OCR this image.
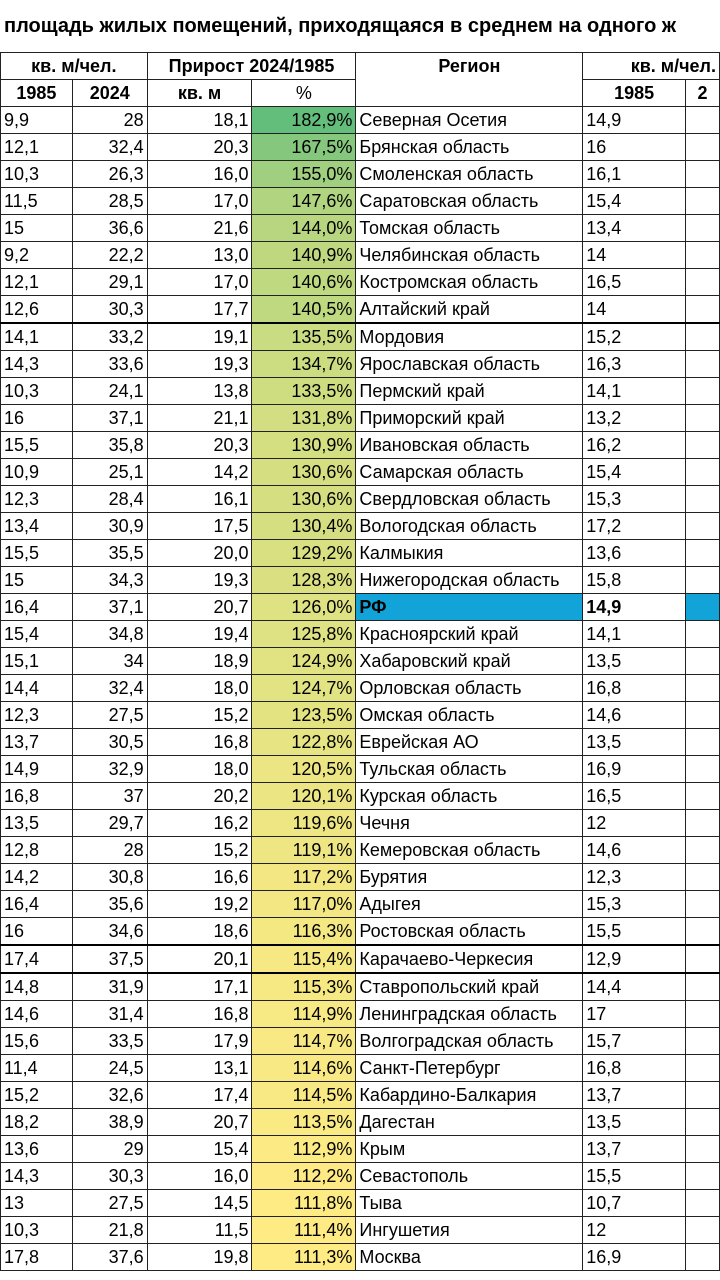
площадь жилых помещений, приходящаяся в среднем на одного ж
кв. м/чел.		Прирост 2024/1985		Регион	кв. м/чел.	
1985	2024	кв. м	%		1985	2
9,9	28	18,1	182,9%	Северная Осетия	14,9	
12,1	32,4	20,3	167,5%	Брянская область	16	
10,3	26,3	16,0	155,0%	Смоленская область	16,1	
11,5	28,5	17,0	147,6%	Саратовская область	15,4	
15	36,6	21,6	144,0%	Томская область	13,4	
9,2	22,2	13,0	140,9%	Челябинская область	14	
12,1	29,1	17,0	140,6%	Костромская область	16,5	
12,6	30,3	17,7	140,5%	Алтайский край	14	
14,1	33,2	19,1	135,5%	Мордовия	15,2	
14,3	33,6	19,3	134,7%	Ярославская область	16,3	
10,3	24,1	13,8	133,5%	Пермский край	14,1	
16	37,1	21,1	131,8%	Приморский край	13,2	
15,5	35,8	20,3	130,9%	Ивановская область	16,2	
10,9	25,1	14,2	130,6%	Самарская область	15,4	
12,3	28,4	16,1	130,6%	Свердловская область	15,3	
13,4	30,9	17,5	130,4%	Вологодская область	17,2	
15,5	35,5	20,0	129,2%	Калмыкия	13,6	
15	34,3	19,3	128,3%	Нижегородская область	15,8	
16,4	37,1	20,7	126,0%	РФ	14,9	
15,4	34,8	19,4	125,8%	Красноярский край	14,1	
15,1	34	18,9	124,9%	Хабаровский край	13,5	
14,4	32,4	18,0	124,7%	Орловская область	16,8	
12,3	27,5	15,2	123,5%	Омская область	14,6	
13,7	30,5	16,8	122,8%	Еврейская АО	13,5	
14,9	32,9	18,0	120,5%	Тульская область	16,9	
16,8	37	20,2	120,1%	Курская область	16,5	
13,5	29,7	16,2	119,6%	Чечня	12	
12,8	28	15,2	119,1%	Кемеровская область	14,6	
14,2	30,8	16,6	117,2%	Бурятия	12,3	
16,4	35,6	19,2	117,0%	Адыгея	15,3	
16	34,6	18,6	116,3%	Ростовская область	15,5	
17,4	37,5	20,1	115,4%	Карачаево-Черкесия	12,9	
14,8	31,9	17,1	115,3%	Ставропольский край	14,4	
14,6	31,4	16,8	114,9%	Ленинградская область	17	
15,6	33,5	17,9	114,7%	Волгоградская область	15,7	
11,4	24,5	13,1	114,6%	Санкт-Петербург	16,8	
15,2	32,6	17,4	114,5%	Кабардино-Балкария	13,7	
18,2	38,9	20,7	113,5%	Дагестан	13,5	
13,6	29	15,4	112,9%	Крым	13,7	
14,3	30,3	16,0	112,2%	Севастополь	15,5	
13	27,5	14,5	111,8%	Тыва	10,7	
10,3	21,8	11,5	111,4%	Ингушетия	12	
17,8	37,6	19,8	111,3%	Москва	16,9	
